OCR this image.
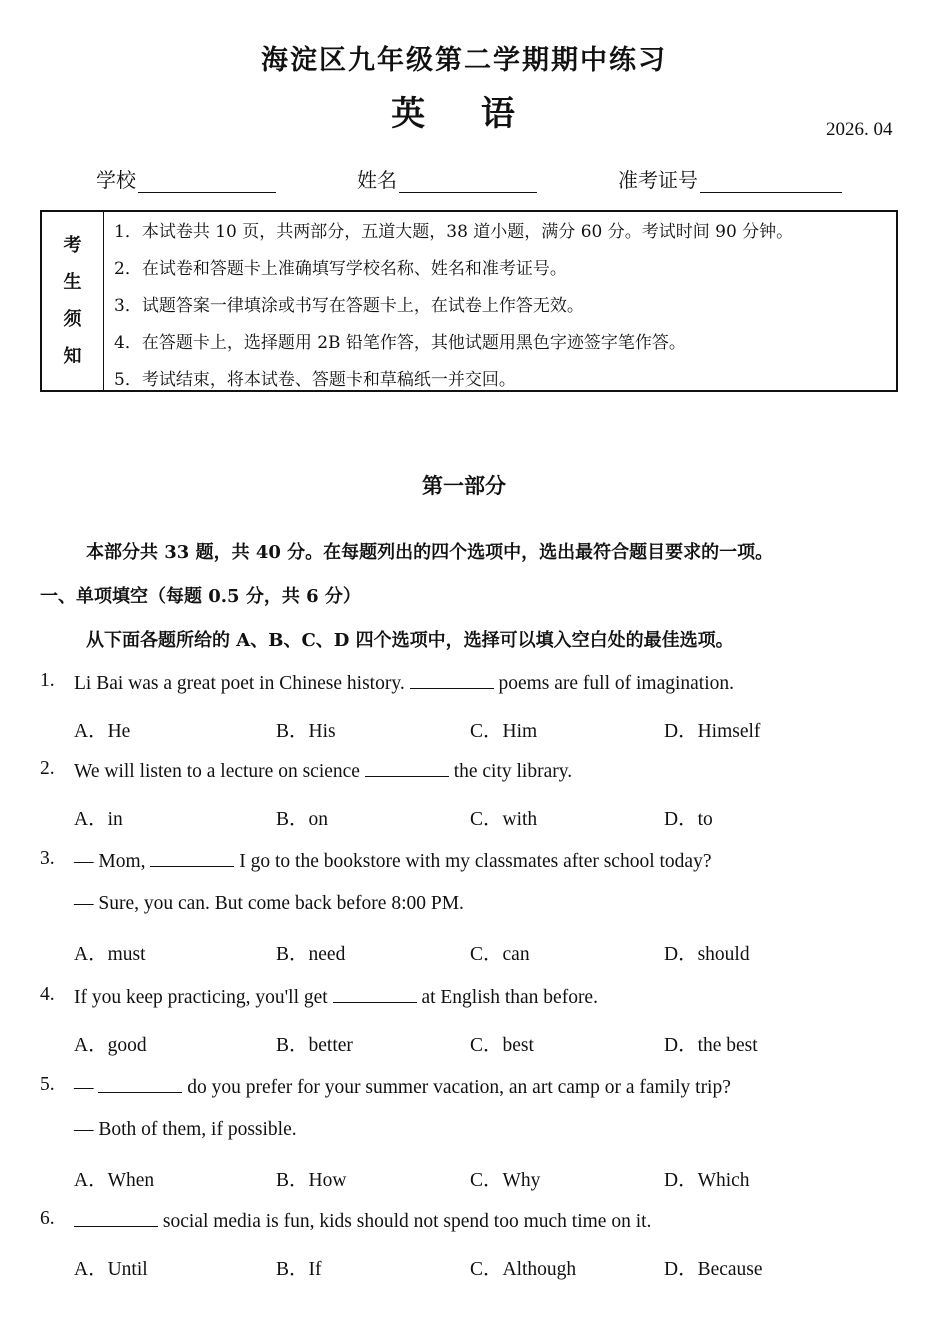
海淀区九年级第二学期期中练习
英 语	2026. 04
学校	姓名	准考证号
考
生
须
知
1．本试卷共 10 页，共两部分，五道大题，38 道小题，满分 60 分。考试时间 90 分钟。
2．在试卷和答题卡上准确填写学校名称、姓名和准考证号。
3．试题答案一律填涂或书写在答题卡上，在试卷上作答无效。
4．在答题卡上，选择题用 2B 铅笔作答，其他试题用黑色字迹签字笔作答。
5．考试结束，将本试卷、答题卡和草稿纸一并交回。
第一部分
本部分共 33 题，共 40 分。在每题列出的四个选项中，选出最符合题目要求的一项。
一、单项填空（每题 0.5 分，共 6 分）
从下面各题所给的 A、B、C、D 四个选项中，选择可以填入空白处的最佳选项。
1. Li Bai was a great poet in Chinese history.	poems are full of imagination.
A．He	B．His	C．Him	D．Himself
2. We will listen to a lecture on science	the city library.
A．in	B．on	C．with	D．to
3. — Mom,	I go to the bookstore with my classmates after school today?
— Sure, you can. But come back before 8:00 PM.
A．must	B．need	C．can	D．should
4. If you keep practicing, you'll get	at English than before.
A．good	B．better	C．best	D．the best
5. —	do you prefer for your summer vacation, an art camp or a family trip?
— Both of them, if possible.
A．When	B．How	C．Why	D．Which
6.	social media is fun, kids should not spend too much time on it.
A．Until	B．If	C．Although	D．Because
